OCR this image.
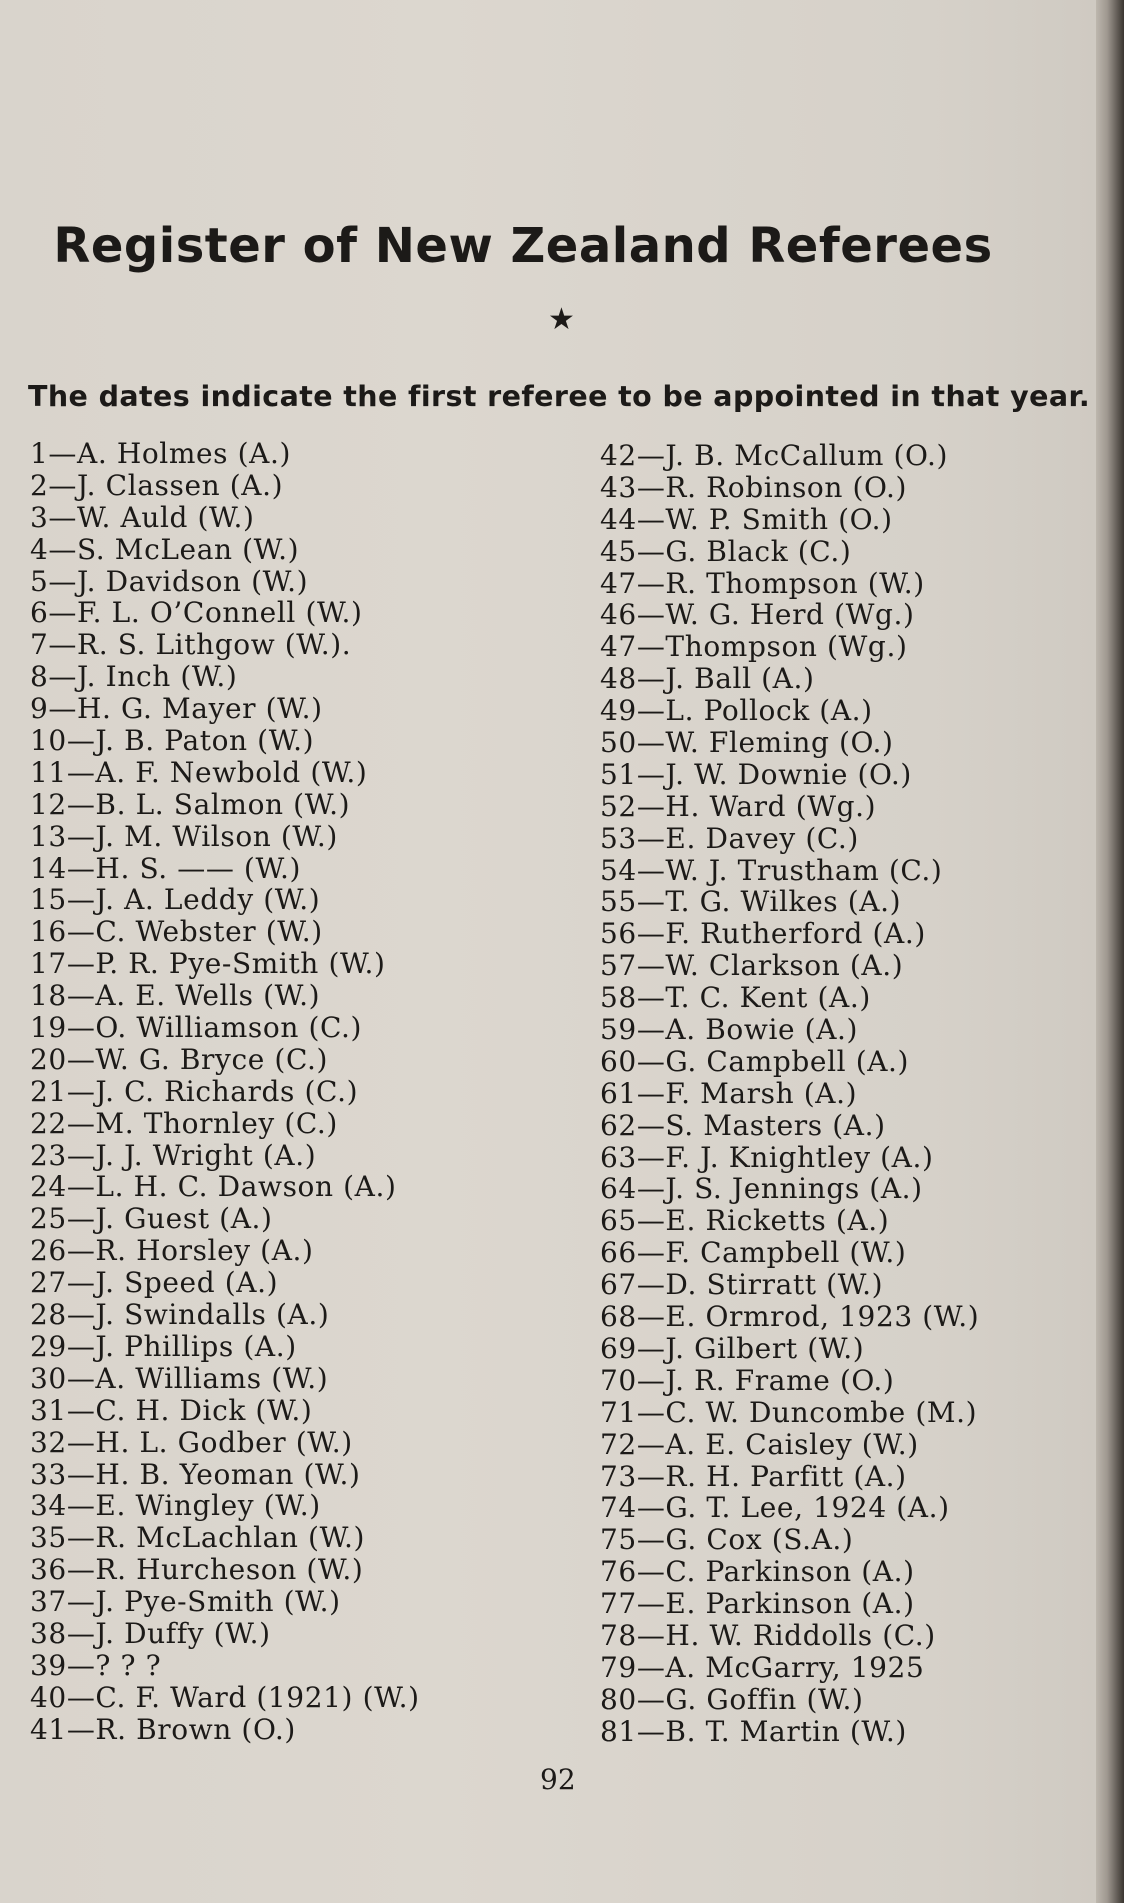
Register of New Zealand Referees
★
The dates indicate the first referee to be appointed in that year.
1—A. Holmes (A.)
2—J. Classen (A.)
3—W. Auld (W.)
4—S. McLean (W.)
5—J. Davidson (W.)
6—F. L. O’Connell (W.)
7—R. S. Lithgow (W.).
8—J. Inch (W.)
9—H. G. Mayer (W.)
10—J. B. Paton (W.)
11—A. F. Newbold (W.)
12—B. L. Salmon (W.)
13—J. M. Wilson (W.)
14—H. S. —— (W.)
15—J. A. Leddy (W.)
16—C. Webster (W.)
17—P. R. Pye-Smith (W.)
18—A. E. Wells (W.)
19—O. Williamson (C.)
20—W. G. Bryce (C.)
21—J. C. Richards (C.)
22—M. Thornley (C.)
23—J. J. Wright (A.)
24—L. H. C. Dawson (A.)
25—J. Guest (A.)
26—R. Horsley (A.)
27—J. Speed (A.)
28—J. Swindalls (A.)
29—J. Phillips (A.)
30—A. Williams (W.)
31—C. H. Dick (W.)
32—H. L. Godber (W.)
33—H. B. Yeoman (W.)
34—E. Wingley (W.)
35—R. McLachlan (W.)
36—R. Hurcheson (W.)
37—J. Pye-Smith (W.)
38—J. Duffy (W.)
39—? ? ?
40—C. F. Ward (1921) (W.)
41—R. Brown (O.)
42—J. B. McCallum (O.)
43—R. Robinson (O.)
44—W. P. Smith (O.)
45—G. Black (C.)
47—R. Thompson (W.)
46—W. G. Herd (Wg.)
47—Thompson (Wg.)
48—J. Ball (A.)
49—L. Pollock (A.)
50—W. Fleming (O.)
51—J. W. Downie (O.)
52—H. Ward (Wg.)
53—E. Davey (C.)
54—W. J. Trustham (C.)
55—T. G. Wilkes (A.)
56—F. Rutherford (A.)
57—W. Clarkson (A.)
58—T. C. Kent (A.)
59—A. Bowie (A.)
60—G. Campbell (A.)
61—F. Marsh (A.)
62—S. Masters (A.)
63—F. J. Knightley (A.)
64—J. S. Jennings (A.)
65—E. Ricketts (A.)
66—F. Campbell (W.)
67—D. Stirratt (W.)
68—E. Ormrod, 1923 (W.)
69—J. Gilbert (W.)
70—J. R. Frame (O.)
71—C. W. Duncombe (M.)
72—A. E. Caisley (W.)
73—R. H. Parfitt (A.)
74—G. T. Lee, 1924 (A.)
75—G. Cox (S.A.)
76—C. Parkinson (A.)
77—E. Parkinson (A.)
78—H. W. Riddolls (C.)
79—A. McGarry, 1925
80—G. Goffin (W.)
81—B. T. Martin (W.)
92
